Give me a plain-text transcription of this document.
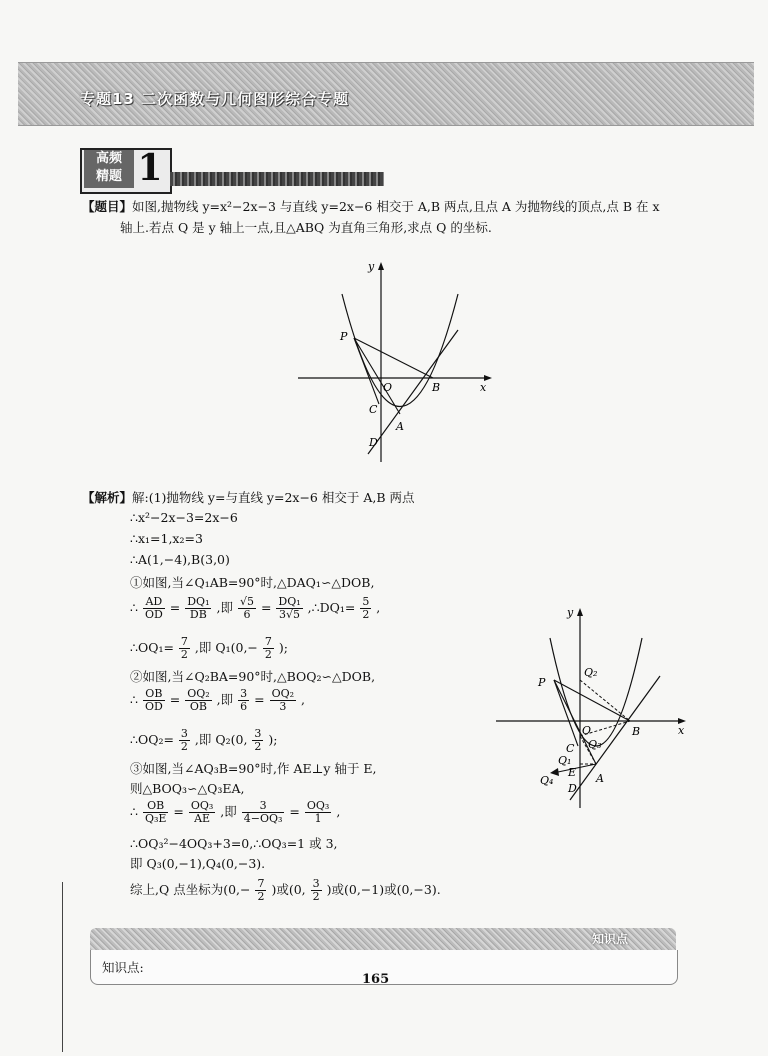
专题13 二次函数与几何图形综合专题
高频
精题 1
【题目】如图,抛物线 y=x²−2x−3 与直线 y=2x−6 相交于 A,B 两点,且点 A 为抛物线的顶点,点 B 在 x
轴上.若点 Q 是 y 轴上一点,且△ABQ 为直角三角形,求点 Q 的坐标.
y
x
P
O	B
C
A
D
【解析】解:(1)抛物线 y=与直线 y=2x−6 相交于 A,B 两点
∴x²−2x−3=2x−6
∴x₁=1,x₂=3
∴A(1,−4),B(3,0)
①如图,当∠Q₁AB=90°时,△DAQ₁∽△DOB,
∴ $\frac{AD}{OD} = \frac{\text{DQ₁}}{DB}$ ,即 $\frac{√5}{6} = \frac{\text{DQ₁}}{3√5}$ ,∴DQ₁= $\frac{5}{2}$ ,
∴OQ₁= $\frac{7}{2}$ ,即 $Q_1(0,- \frac{7}{2}$ );
②如图,当∠Q₂BA=90°时,△BOQ₂∽△DOB,
∴ $\frac{OB}{OD} = \frac{\text{OQ₂}}{OB}$ ,即 $\frac{3}{6} = \frac{\text{OQ₂}}{3}$ ,
∴OQ₂= $\frac{3}{2}$ ,即 Q₂(0, $\frac{3}{2}$ );
③如图,当∠AQ₃B=90°时,作 AE⊥y 轴于 E,
则△BOQ₃∽△Q₃EA,
∴ $\frac{OB}{\text{Q₃E}} = \frac{\text{OQ₃}}{AE}$ ,即 $\frac{3}{\text{4−OQ₃}} = \frac{\text{OQ₃}}{1}$ ,
∴OQ₃²−4OQ₃+3=0,∴OQ₃=1 或 3,
即 Q₃(0,−1),Q₄(0,−3).
综上,Q 点坐标为($0,- \frac{7}{2}$ )或(0, $\frac{3}{2}$ )或(0,−1)或(0,−3).
y
x
Q₂
P
O	B
C Q₃
Q₁
E
Q₄	A
D
知识点
知识点:
165
